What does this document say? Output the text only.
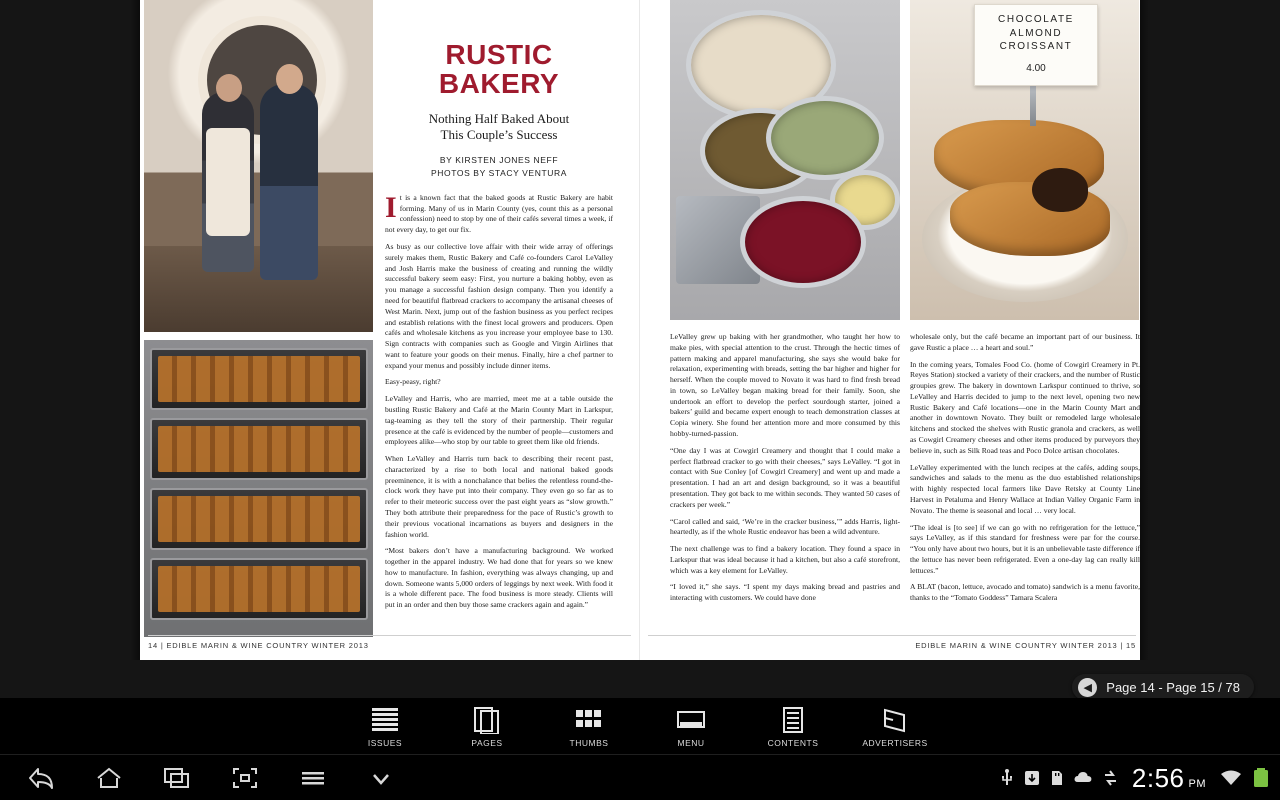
RUSTIC BAKERY
Nothing Half Baked About
This Couple’s Success
BY KIRSTEN JONES NEFF
PHOTOS BY STACY VENTURA

It is a known fact that the baked goods at Rustic Bakery are habit forming. Many of us in Marin County (yes, count this as a personal confession) need to stop by one of their cafés several times a week, if not every day, to get our fix.

As busy as our collective love affair with their wide array of offerings surely makes them, Rustic Bakery and Café co-founders Carol LeValley and Josh Harris make the business of creating and running the wildly successful bakery seem easy: First, you nurture a baking hobby, even as you manage a successful fashion design company. Then you identify a need for beautiful flatbread crackers to accompany the artisanal cheeses of West Marin. Next, jump out of the fashion business as you perfect recipes and establish relations with the finest local growers and producers. Open cafés and wholesale kitchens as you increase your employee base to 130. Sign contracts with companies such as Google and Virgin Airlines that want to feature your goods on their menus. Finally, hire a chef partner to expand your menus and possibly include dinner items.

Easy-peasy, right?

LeValley and Harris, who are married, meet me at a table outside the bustling Rustic Bakery and Café at the Marin County Mart in Larkspur, tag-teaming as they tell the story of their partnership. Their regular presence at the café is evidenced by the number of people—customers and employees alike—who stop by our table to greet them like old friends.

When LeValley and Harris turn back to describing their recent past, characterized by a rise to both local and national baked goods preeminence, it is with a nonchalance that belies the relentless round-the-clock work they have put into their company. They even go so far as to refer to their meteoric success over the past eight years as “slow growth.” They both attribute their preparedness for the pace of Rustic’s growth to their previous vocational incarnations as buyers and designers in the fashion world.

“Most bakers don’t have a manufacturing background. We worked together in the apparel industry. We had done that for years so we knew how to manufacture. In fashion, everything was always changing, up and down. Someone wants 5,000 orders of leggings by next week. With food it is a whole different pace. The food business is more steady. Clients will put in an order and then buy those same crackers again and again.”

14 | EDIBLE MARIN & WINE COUNTRY WINTER 2013
CHOCOLATE
ALMOND
CROISSANT
4.00

LeValley grew up baking with her grandmother, who taught her how to make pies, with special attention to the crust. Through the hectic times of pattern making and apparel manufacturing, she says she would bake for relaxation, experimenting with breads, setting the bar higher and higher for herself. When the couple moved to Novato it was hard to find fresh bread in town, so LeValley began making bread for their family. Soon, she undertook an effort to develop the perfect sourdough starter, joined a bakers’ guild and became expert enough to teach demonstration classes at Copia winery. She found her attention more and more consumed by this hobby-turned-passion.

“One day I was at Cowgirl Creamery and thought that I could make a perfect flatbread cracker to go with their cheeses,” says LeValley. “I got in contact with Sue Conley [of Cowgirl Creamery] and went up and made a presentation. I had an art and design background, so it was a beautiful presentation. They got back to me within seconds. They wanted 50 cases of crackers per week.”

“Carol called and said, ‘We’re in the cracker business,’” adds Harris, light-heartedly, as if the whole Rustic endeavor has been a wild adventure.

The next challenge was to find a bakery location. They found a space in Larkspur that was ideal because it had a kitchen, but also a café storefront, which was a key element for LeValley.

“I loved it,” she says. “I spent my days making bread and pastries and interacting with customers. We could have done

wholesale only, but the café became an important part of our business. It gave Rustic a place … a heart and soul.”

In the coming years, Tomales Food Co. (home of Cowgirl Creamery in Pt. Reyes Station) stocked a variety of their crackers, and the number of Rustic groupies grew. The bakery in downtown Larkspur continued to thrive, so LeValley and Harris decided to jump to the next level, opening two new Rustic Bakery and Café locations—one in the Marin County Mart and another in downtown Novato. They built or remodeled large wholesale kitchens and stocked the shelves with Rustic granola and crackers, as well as Cowgirl Creamery cheeses and other items produced by purveyors they believe in, such as Silk Road teas and Poco Dolce artisan chocolates.

LeValley experimented with the lunch recipes at the cafés, adding soups, sandwiches and salads to the menu as the duo established relationships with highly respected local farmers like Dave Retsky at County Line Harvest in Petaluma and Henry Wallace at Indian Valley Organic Farm in Novato. The theme is seasonal and local … very local.

“The ideal is [to see] if we can go with no refrigeration for the lettuce,” says LeValley, as if this standard for freshness were par for the course. “You only have about two hours, but it is an unbelievable taste difference if the lettuce has never been refrigerated. Even a one-day lag can really kill lettuces.”

A BLAT (bacon, lettuce, avocado and tomato) sandwich is a menu favorite, thanks to the “Tomato Goddess” Tamara Scalera

EDIBLE MARIN & WINE COUNTRY WINTER 2013 | 15
◀	Page 14 - Page 15 / 78
ISSUES	PAGES	THUMBS	MENU	CONTENTS	ADVERTISERS
2:56 PM
